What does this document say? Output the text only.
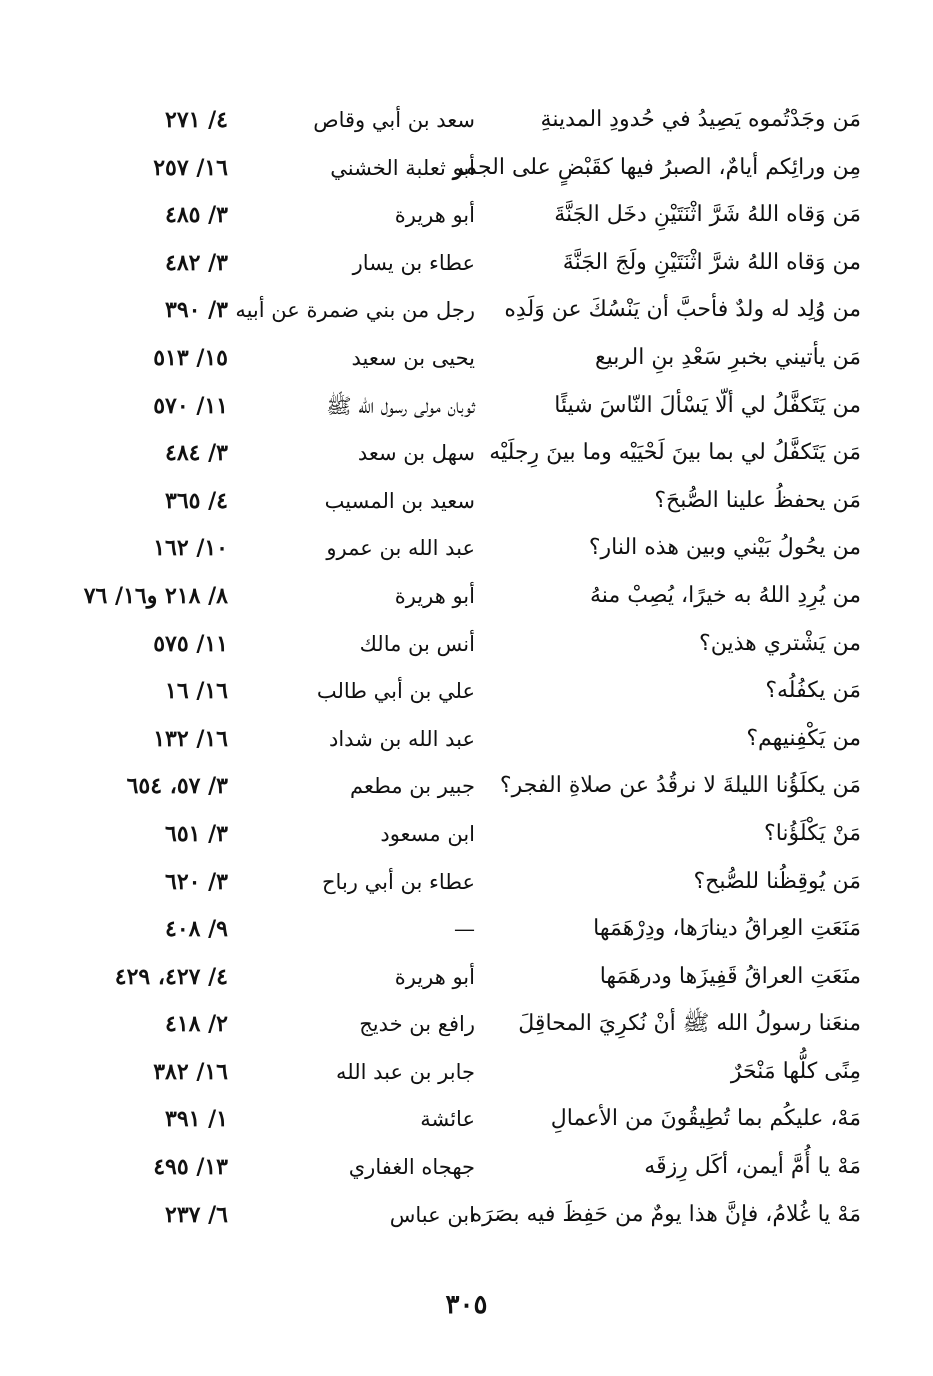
مَن وجَدْتُموه يَصِيدُ في حُدودِ المدينةِ
سعد بن أبي وقاص
٤/ ٢٧١
مِن ورائِكم أيامٌ، الصبرُ فيها كقَبْضٍ على الجمر
أبو ثعلبة الخشني
١٦/ ٢٥٧
مَن وَقاه اللهُ شَرَّ اثْنَتَيْنِ دخَل الجَنَّةَ
أبو هريرة
٣/ ٤٨٥
من وَقاه اللهُ شرَّ اثْنَتَيْنِ ولَجَ الجَنَّةَ
عطاء بن يسار
٣/ ٤٨٢
من وُلِد له ولدٌ فأحبَّ أن يَنْسُكَ عن وَلَدِه
رجل من بني ضمرة عن أبيه
٣/ ٣٩٠
مَن يأتيني بخبرِ سَعْدِ بنِ الربيع
يحيى بن سعيد
١٥/ ٥١٣
من يَتَكفَّلُ لي ألّا يَسْألَ النّاسَ شيئًا
ثوبان مولى رسول الله ﷺ
١١/ ٥٧٠
مَن يَتَكفَّلُ لي بما بينَ لَحْيَيْه وما بينَ رِجلَيْه
سهل بن سعد
٣/ ٤٨٤
مَن يحفظُ علينا الصُّبحَ؟
سعيد بن المسيب
٤/ ٣٦٥
من يحُولُ بَيْني وبين هذه النار؟
عبد الله بن عمرو
١٠/ ١٦٢
من يُرِدِ اللهُ به خيرًا، يُصِبْ منهُ
أبو هريرة
٨/ ٢١٨ و١٦/ ٧٦
من يَشْتري هذين؟
أنس بن مالك
١١/ ٥٧٥
مَن يكفُلُه؟
علي بن أبي طالب
١٦/ ١٦
من يَكْفِنيهم؟
عبد الله بن شداد
١٦/ ١٣٢
مَن يكلَؤُنا الليلةَ لا نرقُدُ عن صلاةِ الفجر؟
جبير بن مطعم
٣/ ٥٧، ٦٥٤
مَنْ يَكْلَؤُنا؟
ابن مسعود
٣/ ٦٥١
مَن يُوقِظُنا للصُّبح؟
عطاء بن أبي رباح
٣/ ٦٢٠
مَنَعَتِ العِراقُ دينارَها، ودِرْهَمَها
—
٩/ ٤٠٨
منَعَتِ العراقُ قَفِيزَها ودرهَمَها
أبو هريرة
٤/ ٤٢٧، ٤٢٩
منعَنا رسولُ الله ﷺ أنْ نُكرِيَ المحاقِلَ
رافع بن خديج
٢/ ٤١٨
مِنًى كلُّها مَنْحَرٌ
جابر بن عبد الله
١٦/ ٣٨٢
مَهْ، عليكُم بما تُطِيقُونَ من الأعمالِ
عائشة
١/ ٣٩١
مَهْ يا أُمَّ أيمن، أكَل رِزقَه
جهجاه الغفاري
١٣/ ٤٩٥
مَهْ يا غُلامُ، فإنَّ هذا يومٌ من حَفِظَ فيه بصَرَه
ابن عباس
٦/ ٢٣٧
٣٠٥
